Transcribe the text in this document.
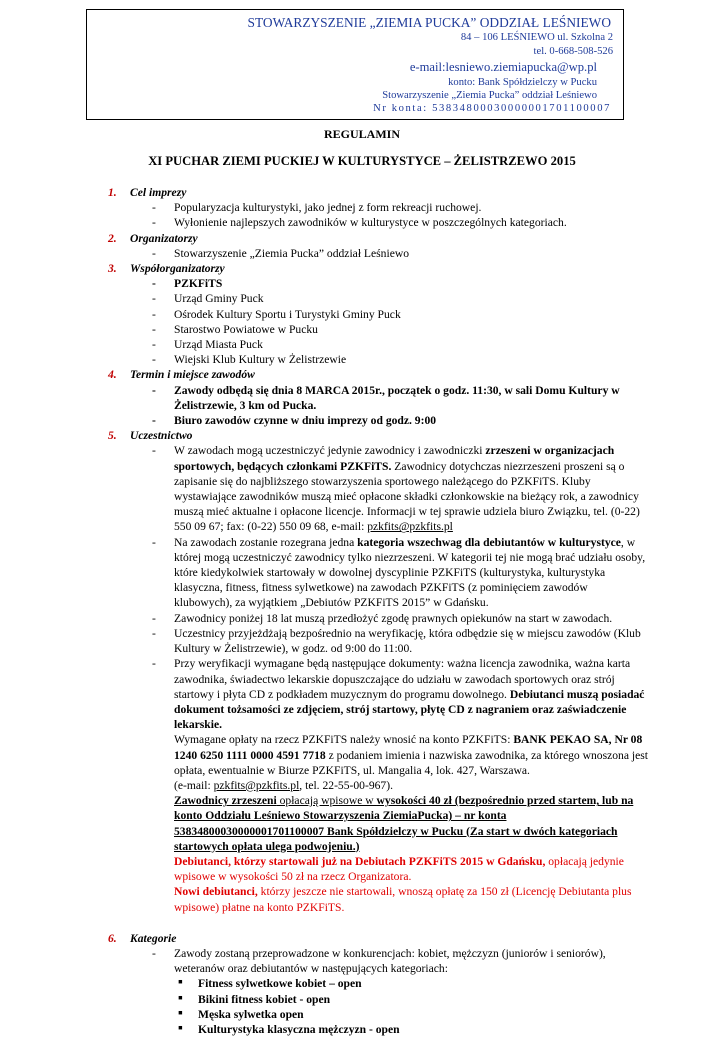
STOWARZYSZENIE „ZIEMIA PUCKA” ODDZIAŁ LEŚNIEWO
84 – 106 LEŚNIEWO ul. Szkolna 2
tel. 0-668-508-526
e-mail:lesniewo.ziemiapucka@wp.pl
konto: Bank Spółdzielczy w Pucku
Stowarzyszenie „Ziemia Pucka” oddział Leśniewo
Nr konta: 53834800030000001701100007
REGULAMIN
XI PUCHAR ZIEMI PUCKIEJ W KULTURYSTYCE – ŻELISTRZEWO 2015
1. Cel imprezy
- Popularyzacja kulturystyki, jako jednej z form rekreacji ruchowej.
- Wyłonienie najlepszych zawodników w kulturystyce w poszczególnych kategoriach.
2. Organizatorzy
- Stowarzyszenie „Ziemia Pucka” oddział Leśniewo
3. Współorganizatorzy
- PZKFiTS
- Urząd Gminy Puck
- Ośrodek Kultury Sportu i Turystyki Gminy Puck
- Starostwo Powiatowe w Pucku
- Urząd Miasta Puck
- Wiejski Klub Kultury w Żelistrzewie
4. Termin i miejsce zawodów
- Zawody odbędą się dnia 8 MARCA 2015r., początek o godz. 11:30, w sali Domu Kultury w Żelistrzewie, 3 km od Pucka.
- Biuro zawodów czynne w dniu imprezy od godz. 9:00
5. Uczestnictwo
- W zawodach mogą uczestniczyć jedynie zawodnicy i zawodniczki zrzeszeni w organizacjach sportowych, będących członkami PZKFiTS. Zawodnicy dotychczas niezrzeszeni proszeni są o zapisanie się do najbliższego stowarzyszenia sportowego należącego do PZKFiTS. Kluby wystawiające zawodników muszą mieć opłacone składki członkowskie na bieżący rok, a zawodnicy muszą mieć aktualne i opłacone licencje. Informacji w tej sprawie udziela biuro Związku, tel. (0-22) 550 09 67; fax: (0-22) 550 09 68, e-mail: pzkfits@pzkfits.pl
- Na zawodach zostanie rozegrana jedna kategoria wszechwag dla debiutantów w kulturystyce, w której mogą uczestniczyć zawodnicy tylko niezrzeszeni. W kategorii tej nie mogą brać udziału osoby, które kiedykolwiek startowały w dowolnej dyscyplinie PZKFiTS (kulturystyka, kulturystyka klasyczna, fitness, fitness sylwetkowe) na zawodach PZKFiTS (z pominięciem zawodów klubowych), za wyjątkiem „Debiutów PZKFiTS 2015” w Gdańsku.
- Zawodnicy poniżej 18 lat muszą przedłożyć zgodę prawnych opiekunów na start w zawodach.
- Uczestnicy przyjeżdżają bezpośrednio na weryfikację, która odbędzie się w miejscu zawodów (Klub Kultury w Żelistrzewie), w godz. od 9:00 do 11:00.
- Przy weryfikacji wymagane będą następujące dokumenty: ważna licencja zawodnika, ważna karta zawodnika, świadectwo lekarskie dopuszczające do udziału w zawodach sportowych oraz strój startowy i płyta CD z podkładem muzycznym do programu dowolnego. Debiutanci muszą posiadać dokument tożsamości ze zdjęciem, strój startowy, płytę CD z nagraniem oraz zaświadczenie lekarskie.

Wymagane opłaty na rzecz PZKFiTS należy wnosić na konto PZKFiTS: BANK PEKAO SA, Nr 08 1240 6250 1111 0000 4591 7718 z podaniem imienia i nazwiska zawodnika, za którego wnoszona jest opłata, ewentualnie w Biurze PZKFiTS, ul. Mangalia 4, lok. 427, Warszawa.
(e-mail: pzkfits@pzkfits.pl, tel. 22-55-00-967).

Zawodnicy zrzeszeni opłacają wpisowe w wysokości 40 zł (bezpośrednio przed startem, lub na konto Oddziału Leśniewo Stowarzyszenia ZiemiaPucka) – nr konta 53834800030000001701100007 Bank Spółdzielczy w Pucku (Za start w dwóch kategoriach startowych opłata ulega podwojeniu.)

Debiutanci, którzy startowali już na Debiutach PZKFiTS 2015 w Gdańsku, opłacają jedynie wpisowe w wysokości 50 zł na rzecz Organizatora.

Nowi debiutanci, którzy jeszcze nie startowali, wnoszą opłatę za 150 zł (Licencję Debiutanta plus wpisowe) płatne na konto PZKFiTS.

6. Kategorie
- Zawody zostaną przeprowadzone w konkurencjach: kobiet, mężczyzn (juniorów i seniorów), weteranów oraz debiutantów w następujących kategoriach:
▪ Fitness sylwetkowe kobiet – open
▪ Bikini fitness kobiet - open
▪ Męska sylwetka open
▪ Kulturystyka klasyczna mężczyzn - open
